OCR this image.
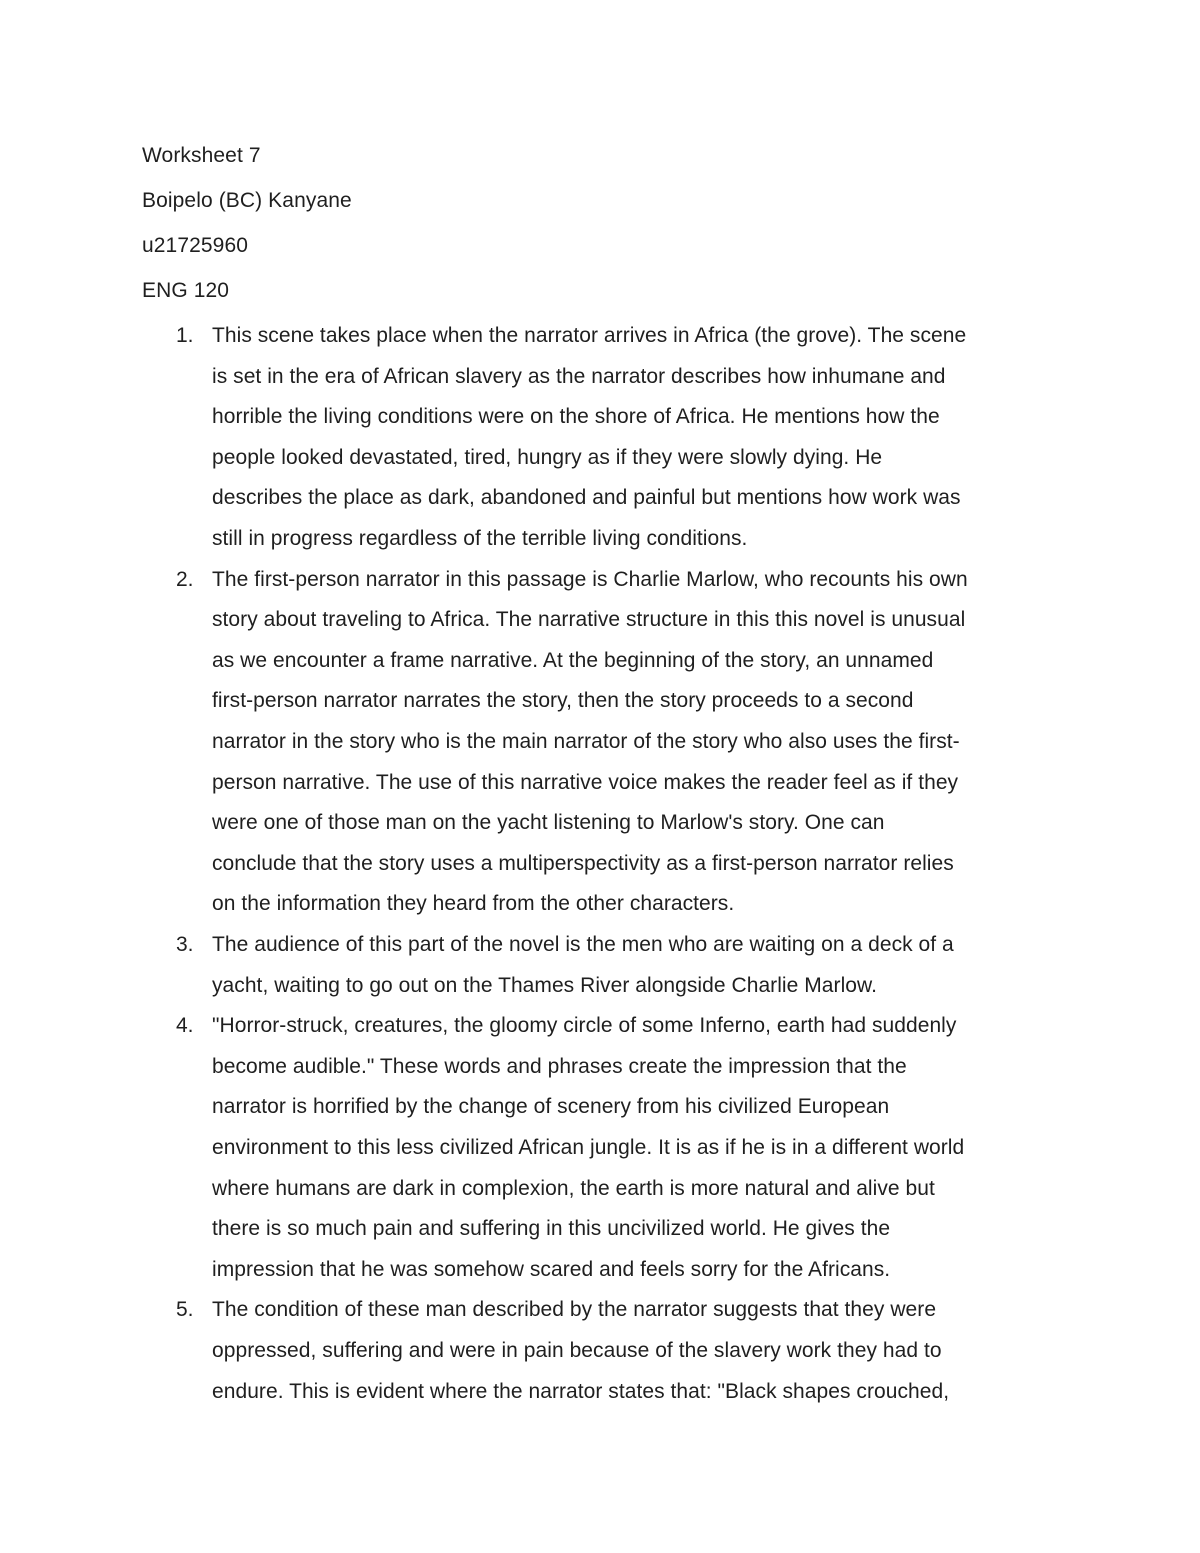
Worksheet 7
Boipelo (BC) Kanyane
u21725960
ENG 120
1. This scene takes place when the narrator arrives in Africa (the grove). The scene
is set in the era of African slavery as the narrator describes how inhumane and
horrible the living conditions were on the shore of Africa. He mentions how the
people looked devastated, tired, hungry as if they were slowly dying. He
describes the place as dark, abandoned and painful but mentions how work was
still in progress regardless of the terrible living conditions.
2. The first-person narrator in this passage is Charlie Marlow, who recounts his own
story about traveling to Africa. The narrative structure in this this novel is unusual
as we encounter a frame narrative. At the beginning of the story, an unnamed
first-person narrator narrates the story, then the story proceeds to a second
narrator in the story who is the main narrator of the story who also uses the first-
person narrative. The use of this narrative voice makes the reader feel as if they
were one of those man on the yacht listening to Marlow's story. One can
conclude that the story uses a multiperspectivity as a first-person narrator relies
on the information they heard from the other characters.
3. The audience of this part of the novel is the men who are waiting on a deck of a
yacht, waiting to go out on the Thames River alongside Charlie Marlow.
4. "Horror-struck, creatures, the gloomy circle of some Inferno, earth had suddenly
become audible." These words and phrases create the impression that the
narrator is horrified by the change of scenery from his civilized European
environment to this less civilized African jungle. It is as if he is in a different world
where humans are dark in complexion, the earth is more natural and alive but
there is so much pain and suffering in this uncivilized world. He gives the
impression that he was somehow scared and feels sorry for the Africans.
5. The condition of these man described by the narrator suggests that they were
oppressed, suffering and were in pain because of the slavery work they had to
endure. This is evident where the narrator states that: "Black shapes crouched,
